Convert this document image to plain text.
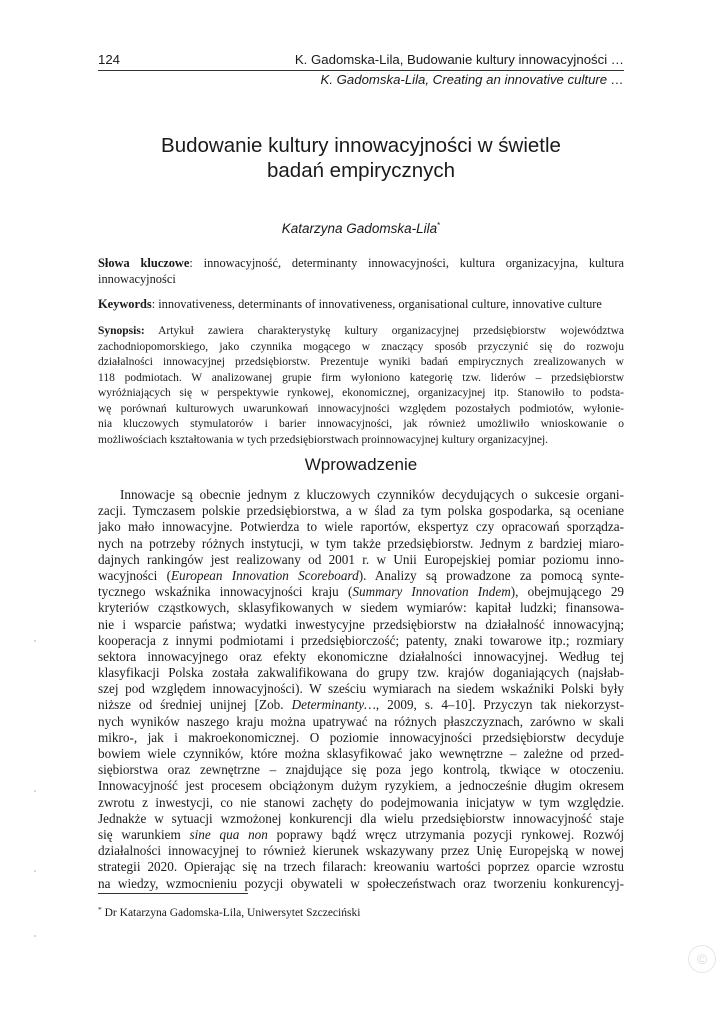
124	K. Gadomska-Lila, Budowanie kultury innowacyjności …
K. Gadomska-Lila, Creating an innovative culture …
Budowanie kultury innowacyjności w świetle
badań empirycznych
Katarzyna Gadomska-Lila*
Słowa kluczowe: innowacyjność, determinanty innowacyjności, kultura organizacyjna, kultura
innowacyjności
Keywords: innovativeness, determinants of innovativeness, organisational culture, innovative culture
Synopsis: Artykuł zawiera charakterystykę kultury organizacyjnej przedsiębiorstw województwa
zachodniopomorskiego, jako czynnika mogącego w znaczący sposób przyczynić się do rozwoju
działalności innowacyjnej przedsiębiorstw. Prezentuje wyniki badań empirycznych zrealizowanych w
118 podmiotach. W analizowanej grupie firm wyłoniono kategorię tzw. liderów – przedsiębiorstw
wyróżniających się w perspektywie rynkowej, ekonomicznej, organizacyjnej itp. Stanowiło to podsta-
wę porównań kulturowych uwarunkowań innowacyjności względem pozostałych podmiotów, wyłonie-
nia kluczowych stymulatorów i barier innowacyjności, jak również umożliwiło wnioskowanie o
możliwościach kształtowania w tych przedsiębiorstwach proinnowacyjnej kultury organizacyjnej.
Wprowadzenie
Innowacje są obecnie jednym z kluczowych czynników decydujących o sukcesie organi-
zacji. Tymczasem polskie przedsiębiorstwa, a w ślad za tym polska gospodarka, są oceniane
jako mało innowacyjne. Potwierdza to wiele raportów, ekspertyz czy opracowań sporządza-
nych na potrzeby różnych instytucji, w tym także przedsiębiorstw. Jednym z bardziej miaro-
dajnych rankingów jest realizowany od 2001 r. w Unii Europejskiej pomiar poziomu inno-
wacyjności (European Innovation Scoreboard). Analizy są prowadzone za pomocą synte-
tycznego wskaźnika innowacyjności kraju (Summary Innovation Indem), obejmującego 29
kryteriów cząstkowych, sklasyfikowanych w siedem wymiarów: kapitał ludzki; finansowa-
nie i wsparcie państwa; wydatki inwestycyjne przedsiębiorstw na działalność innowacyjną;
kooperacja z innymi podmiotami i przedsiębiorczość; patenty, znaki towarowe itp.; rozmiary
sektora innowacyjnego oraz efekty ekonomiczne działalności innowacyjnej. Według tej
klasyfikacji Polska została zakwalifikowana do grupy tzw. krajów doganiających (najsłab-
szej pod względem innowacyjności). W sześciu wymiarach na siedem wskaźniki Polski były
niższe od średniej unijnej [Zob. Determinanty…, 2009, s. 4–10]. Przyczyn tak niekorzyst-
nych wyników naszego kraju można upatrywać na różnych płaszczyznach, zarówno w skali
mikro-, jak i makroekonomicznej. O poziomie innowacyjności przedsiębiorstw decyduje
bowiem wiele czynników, które można sklasyfikować jako wewnętrzne – zależne od przed-
siębiorstwa oraz zewnętrzne – znajdujące się poza jego kontrolą, tkwiące w otoczeniu.
Innowacyjność jest procesem obciążonym dużym ryzykiem, a jednocześnie długim okresem
zwrotu z inwestycji, co nie stanowi zachęty do podejmowania inicjatyw w tym względzie.
Jednakże w sytuacji wzmożonej konkurencji dla wielu przedsiębiorstw innowacyjność staje
się warunkiem sine qua non poprawy bądź wręcz utrzymania pozycji rynkowej. Rozwój
działalności innowacyjnej to również kierunek wskazywany przez Unię Europejską w nowej
strategii 2020. Opierając się na trzech filarach: kreowaniu wartości poprzez oparcie wzrostu
na wiedzy, wzmocnieniu pozycji obywateli w społeczeństwach oraz tworzeniu konkurencyj-
* Dr Katarzyna Gadomska-Lila, Uniwersytet Szczeciński
©
